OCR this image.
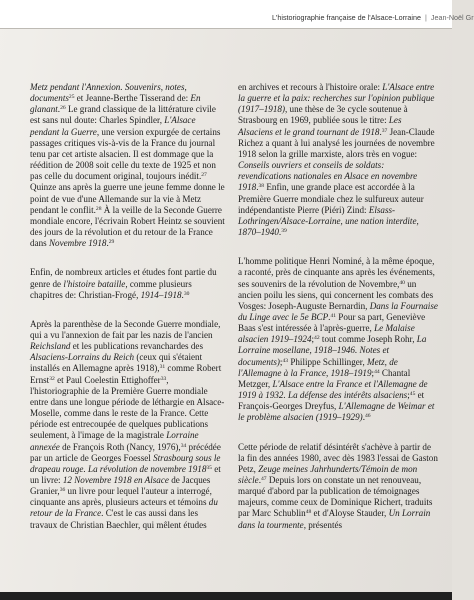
L'historiographie française de l'Alsace-Lorraine | Jean-Noël Gr

Metz pendant l'Annexion. Souvenirs, notes, documents$^{25}$ et Jeanne-Berthe Tisserand de: En glanant.$^{26}$ Le grand classique de la littérature civile est sans nul doute: Charles Spindler, L'Alsace pendant la Guerre, une version expurgée de certains passages critiques vis-à-vis de la France du journal tenu par cet artiste alsacien. Il est dommage que la réédition de 2008 soit celle du texte de 1925 et non pas celle du document original, toujours inédit.$^{27}$ Quinze ans après la guerre une jeune femme donne le point de vue d'une Allemande sur la vie à Metz pendant le conflit.$^{28}$ À la veille de la Seconde Guerre mondiale encore, l'écrivain Robert Heintz se souvient des jours de la révolution et du retour de la France dans Novembre 1918.29

Enfin, de nombreux articles et études font partie du genre de l'histoire bataille, comme plusieurs chapitres de: Christian-Frogé, 1914–1918.30

Après la parenthèse de la Seconde Guerre mondiale, qui a vu l'annexion de fait par les nazis de l'ancien Reichsland et les publications revanchardes des Alsaciens-Lorrains du Reich (ceux qui s'étaient installés en Allemagne après 1918),$^{31}$ comme Robert Ernst$^{32}$ et Paul Coelestin Ettighoffer$^{33}$, l'historiographie de la Première Guerre mondiale entre dans une longue période de léthargie en Alsace-Moselle, comme dans le reste de la France. Cette période est entrecoupée de quelques publications seulement, à l'image de la magistrale Lorraine annexée de François Roth (Nancy, 1976),$^{34}$ précédée par un article de Georges Foessel Strasbourg sous le drapeau rouge. La révolution de novembre 1918$^{35}$ et un livre: 12 Novembre 1918 en Alsace de Jacques Granier,$^{36}$ un livre pour lequel l'auteur a interrogé, cinquante ans après, plusieurs acteurs et témoins du retour de la France. C'est le cas aussi dans les travaux de Christian Baechler, qui mêlent études

en archives et recours à l'histoire orale: L'Alsace entre la guerre et la paix: recherches sur l'opinion publique (1917–1918), une thèse de 3e cycle soutenue à Strasbourg en 1969, publiée sous le titre: Les Alsaciens et le grand tournant de 1918.37 Jean-Claude Richez a quant à lui analysé les journées de novembre 1918 selon la grille marxiste, alors très en vogue: Conseils ouvriers et conseils de soldats: revendications nationales en Alsace en novembre 1918.38 Enfin, une grande place est accordée à la Première Guerre mondiale chez le sulfureux auteur indépendantiste Pierre (Piéri) Zind: Elsass-Lothringen/Alsace-Lorraine, une nation interdite, 1870–1940.39

L'homme politique Henri Nominé, à la même époque, a raconté, près de cinquante ans après les événements, ses souvenirs de la révolution de Novembre,$^{40}$ un ancien poilu les siens, qui concernent les combats des Vosges: Joseph-Auguste Bernardin, Dans la Fournaise du Linge avec le 5e BCP.$^{41}$ Pour sa part, Geneviève Baas s'est intéressée à l'après-guerre, Le Malaise alsacien 1919–1924;$^{42}$ tout comme Joseph Rohr, La Lorraine mosellane, 1918–1946. Notes et documents);$^{43}$ Philippe Schillinger, Metz, de l'Allemagne à la France, 1918–1919;$^{44}$ Chantal Metzger, L'Alsace entre la France et l'Allemagne de 1919 à 1932. La défense des intérêts alsaciens;$^{45}$ et François-Georges Dreyfus, L'Allemagne de Weimar et le problème alsacien (1919–1929).$^{46}$

Cette période de relatif désintérêt s'achève à partir de la fin des années 1980, avec dès 1983 l'essai de Gaston Petz, Zeuge meines Jahrhunderts/Témoin de mon siècle.$^{47}$ Depuis lors on constate un net renouveau, marqué d'abord par la publication de témoignages majeurs, comme ceux de Dominique Richert, traduits par Marc Schublin$^{48}$ et d'Aloyse Stauder, Un Lorrain dans la tourmente, présentés
